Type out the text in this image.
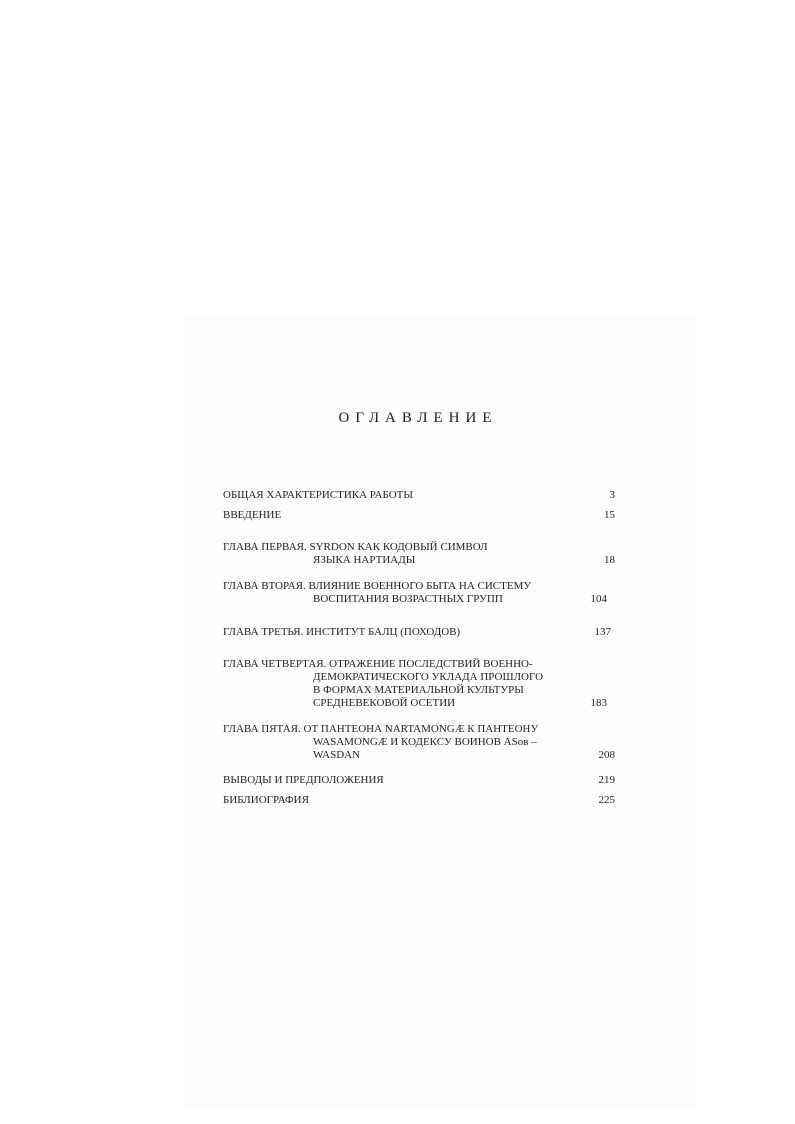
ОГЛАВЛЕНИЕ
ОБЩАЯ ХАРАКТЕРИСТИКА РАБОТЫ	3
ВВЕДЕНИЕ	15
ГЛАВА ПЕРВАЯ. SYRDON КАК КОДОВЫЙ СИМВОЛ
ЯЗЫКА НАРТИАДЫ	18
ГЛАВА ВТОРАЯ. ВЛИЯНИЕ ВОЕННОГО БЫТА НА СИСТЕМУ
ВОСПИТАНИЯ ВОЗРАСТНЫХ ГРУПП	104
ГЛАВА ТРЕТЬЯ. ИНСТИТУТ БАЛЦ (ПОХОДОВ)	137
ГЛАВА ЧЕТВЕРТАЯ. ОТРАЖЕНИЕ ПОСЛЕДСТВИЙ ВОЕННО-
ДЕМОКРАТИЧЕСКОГО УКЛАДА ПРОШЛОГО
В ФОРМАХ МАТЕРИАЛЬНОЙ КУЛЬТУРЫ
СРЕДНЕВЕКОВОЙ ОСЕТИИ	183
ГЛАВА ПЯТАЯ. ОТ ПАНТЕОНА NARTAMONGÆ К ПАНТЕОНУ
WASAMONGÆ И КОДЕКСУ ВОИНОВ ASов –
WASDAN	208
ВЫВОДЫ И ПРЕДПОЛОЖЕНИЯ	219
БИБЛИОГРАФИЯ	225
